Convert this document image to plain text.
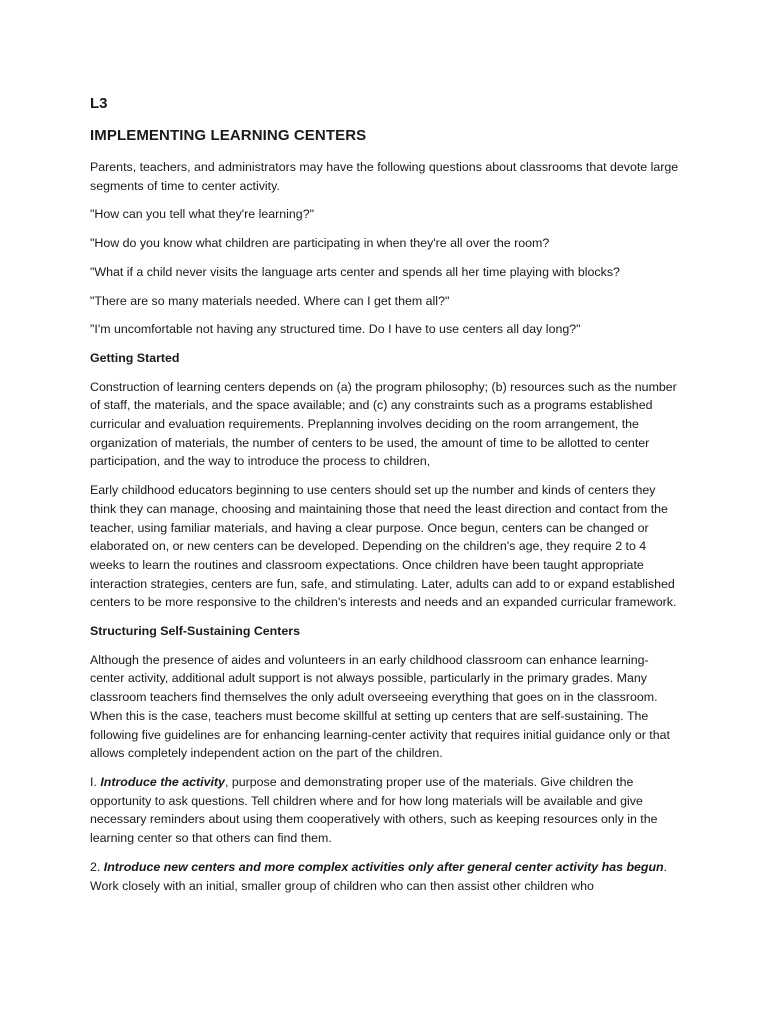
L3
IMPLEMENTING LEARNING CENTERS

Parents, teachers, and administrators may have the following questions about classrooms that devote large segments of time to center activity.

"How can you tell what they're learning?"

"How do you know what children are participating in when they're all over the room?

"What if a child never visits the language arts center and spends all her time playing with blocks?

"There are so many materials needed. Where can I get them all?"

"I'm uncomfortable not having any structured time. Do I have to use centers all day long?"

Getting Started

Construction of learning centers depends on (a) the program philosophy; (b) resources such as the number of staff, the materials, and the space available; and (c) any constraints such as a programs established curricular and evaluation requirements. Preplanning involves deciding on the room arrangement, the organization of materials, the number of centers to be used, the amount of time to be allotted to center participation, and the way to introduce the process to children,

Early childhood educators beginning to use centers should set up the number and kinds of centers they think they can manage, choosing and maintaining those that need the least direction and contact from the teacher, using familiar materials, and having a clear purpose. Once begun, centers can be changed or elaborated on, or new centers can be developed. Depending on the children's age, they require 2 to 4 weeks to learn the routines and classroom expectations. Once children have been taught appropriate interaction strategies, centers are fun, safe, and stimulating. Later, adults can add to or expand established centers to be more responsive to the children's interests and needs and an expanded curricular framework.

Structuring Self-Sustaining Centers

Although the presence of aides and volunteers in an early childhood classroom can enhance learning-center activity, additional adult support is not always possible, particularly in the primary grades. Many classroom teachers find themselves the only adult overseeing everything that goes on in the classroom. When this is the case, teachers must become skillful at setting up centers that are self-sustaining. The following five guidelines are for enhancing learning-center activity that requires initial guidance only or that allows completely independent action on the part of the children.

I. Introduce the activity, purpose and demonstrating proper use of the materials. Give children the opportunity to ask questions. Tell children where and for how long materials will be available and give necessary reminders about using them cooperatively with others, such as keeping resources only in the learning center so that others can find them.

2. Introduce new centers and more complex activities only after general center activity has begun. Work closely with an initial, smaller group of children who can then assist other children who
